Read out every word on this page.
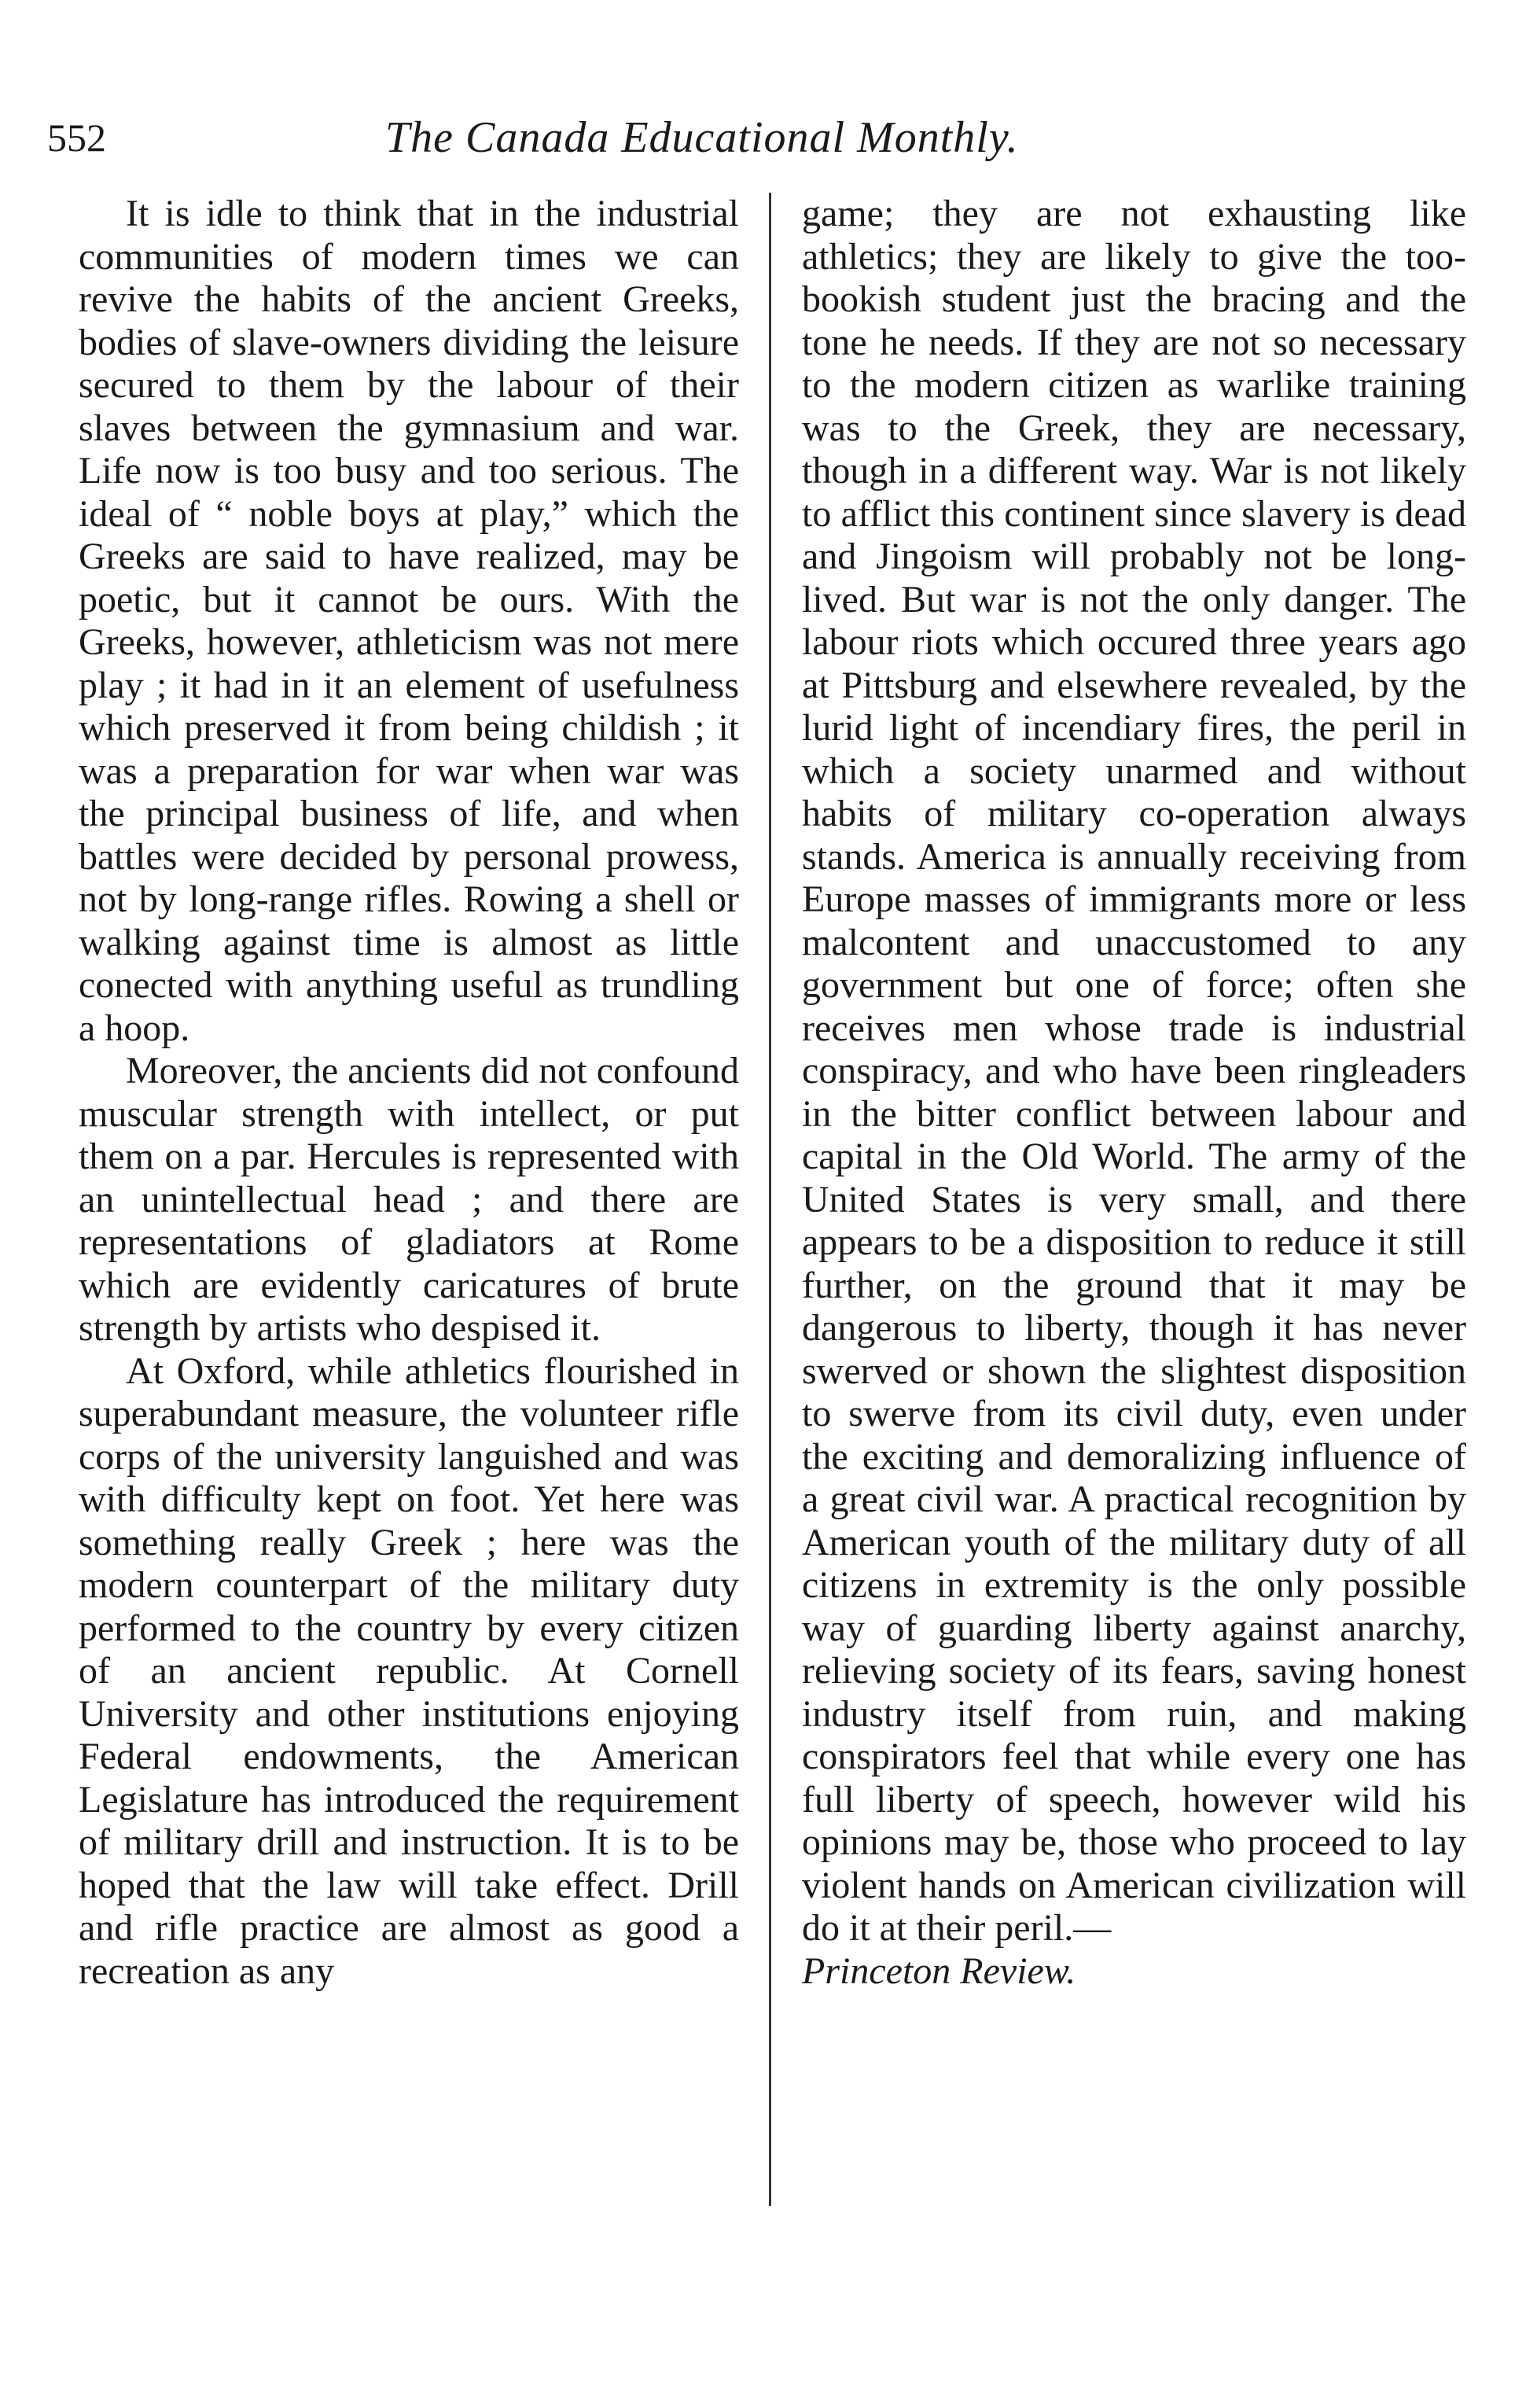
552	The Canada Educational Monthly.

It is idle to think that in the industrial communities of modern times we can revive the habits of the ancient Greeks, bodies of slave-owners dividing the leisure secured to them by the labour of their slaves between the gymnasium and war. Life now is too busy and too serious. The ideal of “ noble boys at play,” which the Greeks are said to have realized, may be poetic, but it cannot be ours. With the Greeks, however, athleticism was not mere play ; it had in it an element of usefulness which preserved it from being childish ; it was a preparation for war when war was the principal business of life, and when battles were decided by personal prowess, not by long-range rifles. Rowing a shell or walking against time is almost as little conected with anything useful as trundling a hoop.

Moreover, the ancients did not confound muscular strength with intellect, or put them on a par. Hercules is represented with an unintellectual head ; and there are representations of gladiators at Rome which are evidently caricatures of brute strength by artists who despised it.

At Oxford, while athletics flourished in superabundant measure, the volunteer rifle corps of the university languished and was with difficulty kept on foot. Yet here was something really Greek ; here was the modern counterpart of the military duty performed to the country by every citizen of an ancient republic. At Cornell University and other institutions enjoying Federal endowments, the American Legislature has introduced the requirement of military drill and instruction. It is to be hoped that the law will take effect. Drill and rifle practice are almost as good a recreation as any

game; they are not exhausting like athletics; they are likely to give the too-bookish student just the bracing and the tone he needs. If they are not so necessary to the modern citizen as warlike training was to the Greek, they are necessary, though in a different way. War is not likely to afflict this continent since slavery is dead and Jingoism will probably not be long-lived. But war is not the only danger. The labour riots which occured three years ago at Pittsburg and elsewhere revealed, by the lurid light of incendiary fires, the peril in which a society unarmed and without habits of military co-operation always stands. America is annually receiving from Europe masses of immigrants more or less malcontent and unaccustomed to any government but one of force; often she receives men whose trade is industrial conspiracy, and who have been ringleaders in the bitter conflict between labour and capital in the Old World. The army of the United States is very small, and there appears to be a disposition to reduce it still further, on the ground that it may be dangerous to liberty, though it has never swerved or shown the slightest disposition to swerve from its civil duty, even under the exciting and demoralizing influence of a great civil war. A practical recognition by American youth of the military duty of all citizens in extremity is the only possible way of guarding liberty against anarchy, relieving society of its fears, saving honest industry itself from ruin, and making conspirators feel that while every one has full liberty of speech, however wild his opinions may be, those who proceed to lay violent hands on American civilization will do it at their peril.—
Princeton Review.
